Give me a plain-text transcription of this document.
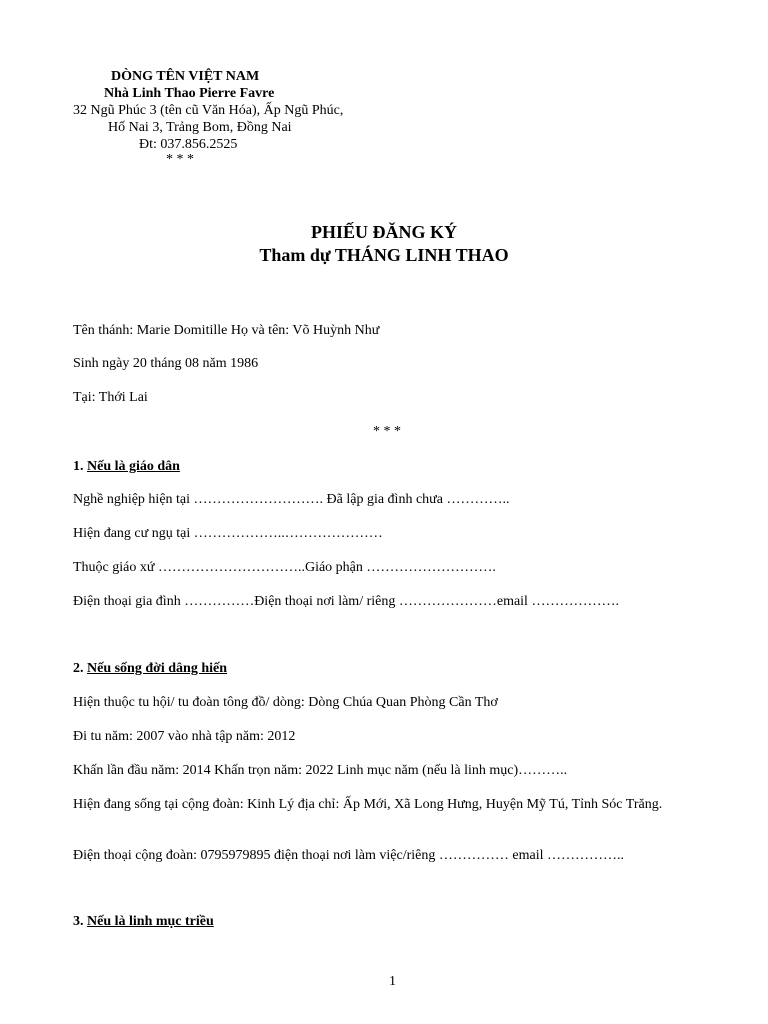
DÒNG TÊN VIỆT NAM
Nhà Linh Thao Pierre Favre
32 Ngũ Phúc 3 (tên cũ Văn Hóa), Ấp Ngũ Phúc,
Hố Nai 3, Trảng Bom, Đồng Nai
Đt: 037.856.2525
* * *
PHIẾU ĐĂNG KÝ
Tham dự THÁNG LINH THAO
Tên thánh: Marie Domitille Họ và tên: Võ Huỳnh Như
Sinh ngày 20 tháng 08 năm 1986
Tại: Thới Lai
* * *
1. Nếu là giáo dân
Nghề nghiệp hiện tại ………………………. Đã lập gia đình chưa …………..
Hiện đang cư ngụ tại ………………..…………………
Thuộc giáo xứ …………………………..Giáo phận ……………………….
Điện thoại gia đình ……………Điện thoại nơi làm/ riêng …………………email ……………….
2. Nếu sống đời dâng hiến
Hiện thuộc tu hội/ tu đoàn tông đồ/ dòng: Dòng Chúa Quan Phòng Cần Thơ
Đi tu năm: 2007 vào nhà tập năm: 2012
Khấn lần đầu năm: 2014 Khấn trọn năm: 2022 Linh mục năm (nếu là linh mục)………..
Hiện đang sống tại cộng đoàn: Kinh Lý địa chỉ: Ấp Mới, Xã Long Hưng, Huyện Mỹ Tú, Tỉnh Sóc Trăng.
Điện thoại cộng đoàn: 0795979895 điện thoại nơi làm việc/riêng …………… email ……………..
3. Nếu là linh mục triều
1
